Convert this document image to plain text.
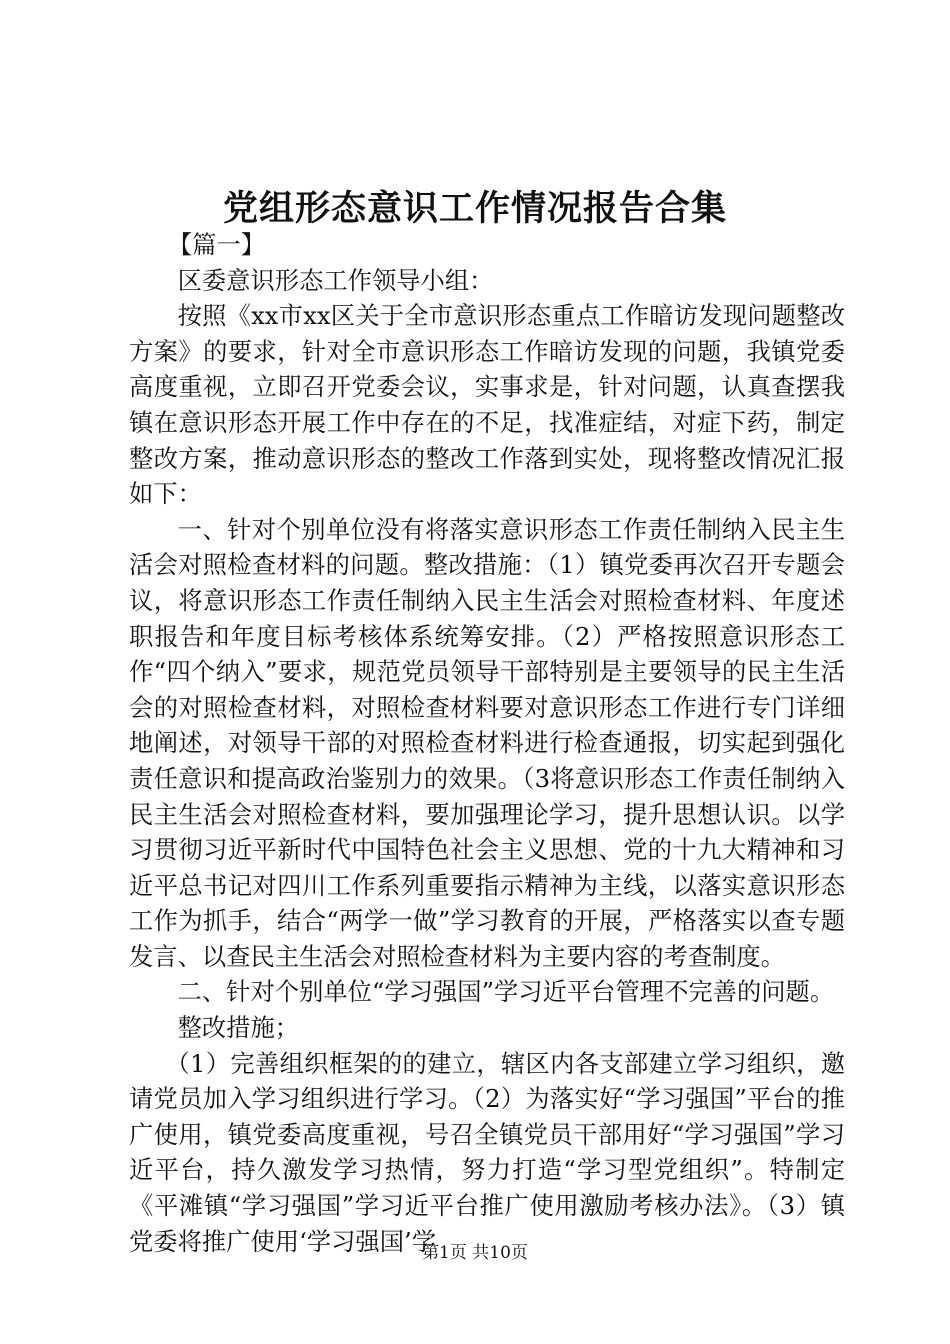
党组形态意识工作情况报告合集

【篇一】

区委意识形态工作领导小组：

按照《xx市xx区关于全市意识形态重点工作暗访发现问题整改方案》的要求，针对全市意识形态工作暗访发现的问题，我镇党委高度重视，立即召开党委会议，实事求是，针对问题，认真查摆我镇在意识形态开展工作中存在的不足，找准症结，对症下药，制定整改方案，推动意识形态的整改工作落到实处，现将整改情况汇报如下：

一、针对个别单位没有将落实意识形态工作责任制纳入民主生活会对照检查材料的问题。整改措施：（1）镇党委再次召开专题会议，将意识形态工作责任制纳入民主生活会对照检查材料、年度述职报告和年度目标考核体系统筹安排。（2）严格按照意识形态工作“四个纳入”要求，规范党员领导干部特别是主要领导的民主生活会的对照检查材料，对照检查材料要对意识形态工作进行专门详细地阐述，对领导干部的对照检查材料进行检查通报，切实起到强化责任意识和提高政治鉴别力的效果。（3将意识形态工作责任制纳入民主生活会对照检查材料，要加强理论学习，提升思想认识。以学习贯彻习近平新时代中国特色社会主义思想、党的十九大精神和习近平总书记对四川工作系列重要指示精神为主线，以落实意识形态工作为抓手，结合“两学一做”学习教育的开展，严格落实以查专题发言、以查民主生活会对照检查材料为主要内容的考查制度。

二、针对个别单位“学习强国”学习近平台管理不完善的问题。

整改措施；

（1）完善组织框架的的建立，辖区内各支部建立学习组织，邀请党员加入学习组织进行学习。（2）为落实好“学习强国”平台的推广使用，镇党委高度重视，号召全镇党员干部用好“学习强国”学习近平台，持久激发学习热情，努力打造“学习型党组织”。特制定《平滩镇“学习强国”学习近平台推广使用激励考核办法》。（3）镇党委将推广使用‘学习强国’学

第1页 共10页
